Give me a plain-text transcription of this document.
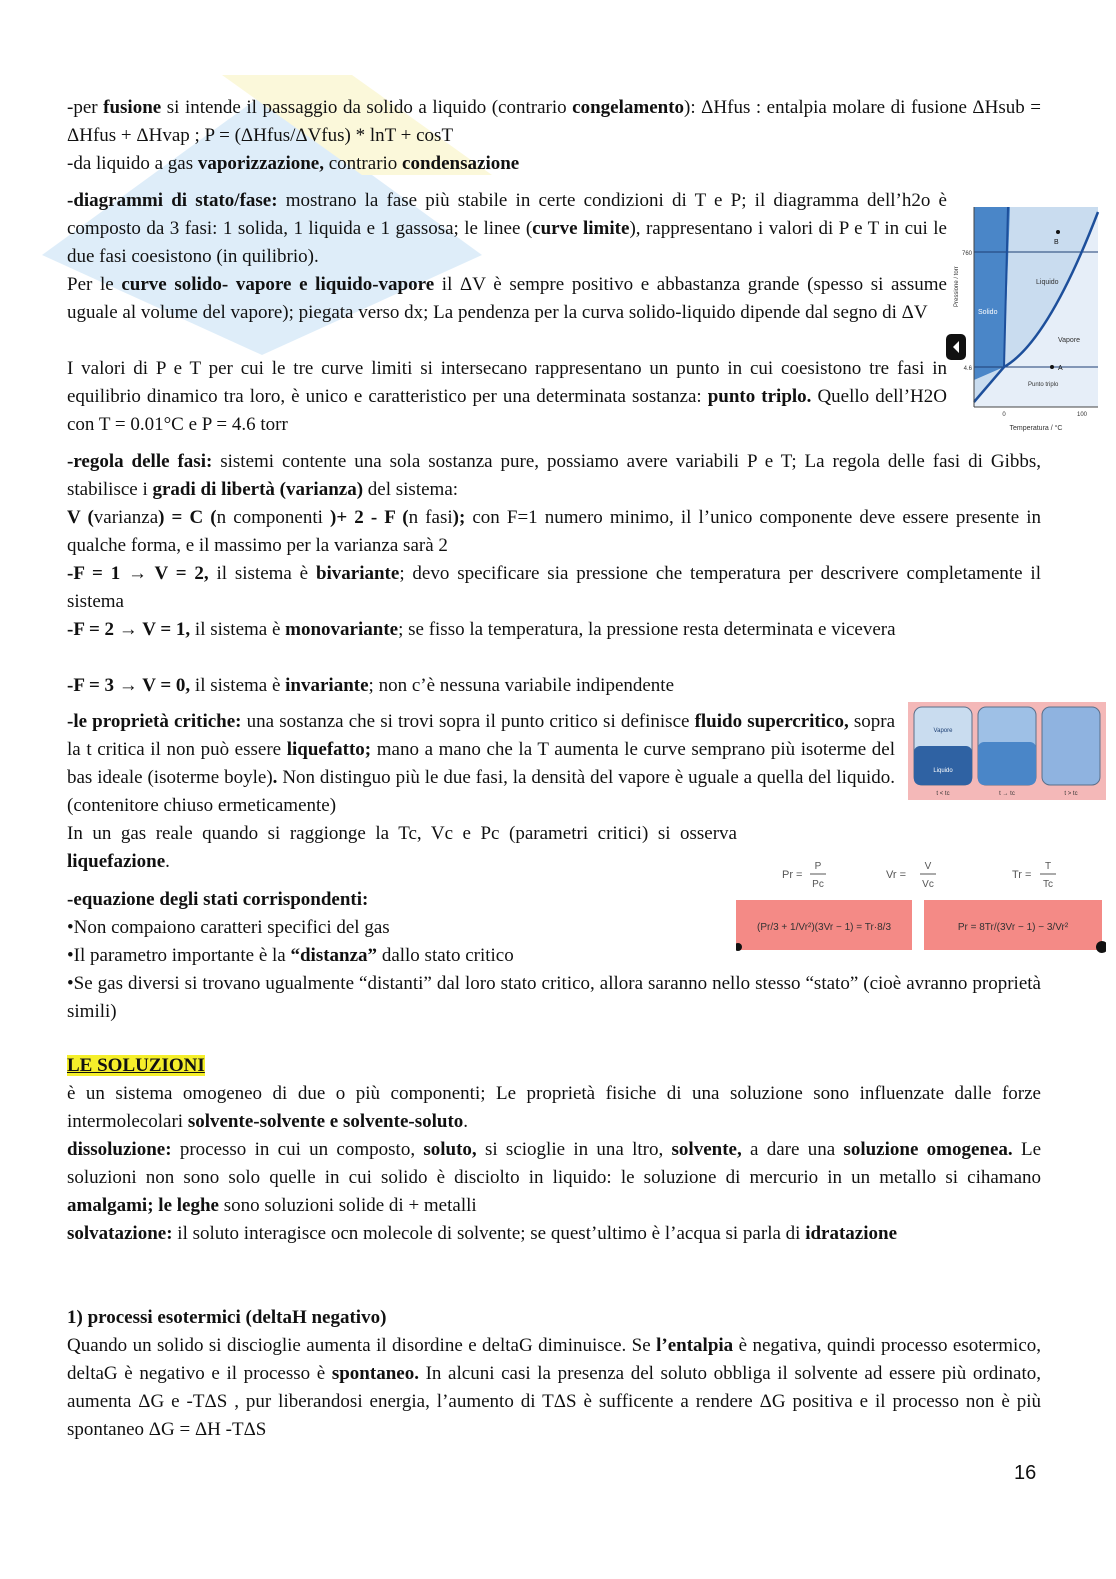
-per fusione si intende il passaggio da solido a liquido (contrario congelamento): ΔHfus : entalpia molare di fusione ΔHsub = ΔHfus + ΔHvap ; P = (ΔHfus/ΔVfus) * lnT + cosT

-da liquido a gas vaporizzazione, contrario condensazione

-diagrammi di stato/fase: mostrano la fase più stabile in certe condizioni di T e P; il diagramma dell’h2o è composto da 3 fasi: 1 solida, 1 liquida e 1 gassosa; le linee (curve limite), rappresentano i valori di P e T in cui le due fasi coesistono (in quilibrio).

Per le curve solido- vapore e liquido-vapore il ΔV è sempre positivo e abbastanza grande (spesso si assume uguale al volume del vapore); piegata verso dx; La pendenza per la curva solido-liquido dipende dal segno di ΔV

I valori di P e T per cui le tre curve limiti si intersecano rappresentano un punto in cui coesistono tre fasi in equilibrio dinamico tra loro, è unico e caratteristico per una determinata sostanza: punto triplo. Quello dell’H2O con T = 0.01°C e P = 4.6 torr

Pressione / torr
Temperatura / °C
760
4.6
0	100
Liquido
Solido
Vapore
Punto triplo
B
A

-regola delle fasi: sistemi contente una sola sostanza pure, possiamo avere variabili P e T; La regola delle fasi di Gibbs, stabilisce i gradi di libertà (varianza) del sistema:

V (varianza) = C (n componenti )+ 2 - F (n fasi); con F=1 numero minimo, il l’unico componente deve essere presente in qualche forma, e il massimo per la varianza sarà 2

-F = 1 → V = 2, il sistema è bivariante; devo specificare sia pressione che temperatura per descrivere completamente il sistema

-F = 2 → V = 1, il sistema è monovariante; se fisso la temperatura, la pressione resta determinata e vicevera

-F = 3 → V = 0, il sistema è invariante; non c’è nessuna variabile indipendente

-le proprietà critiche: una sostanza che si trovi sopra il punto critico si definisce fluido supercritico, sopra la t critica il non può essere liquefatto; mano a mano che la T aumenta le curve semprano più isoterme del bas ideale (isoterme boyle). Non distinguo più le due fasi, la densità del vapore è uguale a quella del liquido. (contenitore chiuso ermeticamente)

In un gas reale quando si raggionge la Tc, Vc e Pc (parametri critici) si osserva liquefazione.

Vapore
Liquido
t < tc	t → tc	t > tc

-equazione degli stati corrispondenti:

•Non compaiono caratteri specifici del gas

•Il parametro importante è la “distanza” dallo stato critico

•Se gas diversi si trovano ugualmente “distanti” dal loro stato critico, allora saranno nello stesso “stato” (cioè avranno proprietà simili)

Pr =
P
Pc
Vr =
V
Vc
Tr =
T
Tc
(Pr/3 + 1/Vr²)(3Vr − 1) = Tr·8/3	Pr = 8Tr/(3Vr − 1) − 3/Vr²

LE SOLUZIONI

è un sistema omogeneo di due o più componenti; Le proprietà fisiche di una soluzione sono influenzate dalle forze intermolecolari solvente-solvente e solvente-soluto.

dissoluzione: processo in cui un composto, soluto, si scioglie in una ltro, solvente, a dare una soluzione omogenea. Le soluzioni non sono solo quelle in cui solido è disciolto in liquido: le soluzione di mercurio in un metallo si cihamano amalgami; le leghe sono soluzioni solide di + metalli

solvatazione: il soluto interagisce ocn molecole di solvente; se quest’ultimo è l’acqua si parla di idratazione

1) processi esotermici (deltaH negativo)

Quando un solido si discioglie aumenta il disordine e deltaG diminuisce. Se l’entalpia è negativa, quindi processo esotermico, deltaG è negativo e il processo è spontaneo. In alcuni casi la presenza del soluto obbliga il solvente ad essere più ordinato, aumenta ΔG e -TΔS , pur liberandosi energia, l’aumento di TΔS è sufficente a rendere ΔG positiva e il processo non è più spontaneo ΔG = ΔH -TΔS

16
